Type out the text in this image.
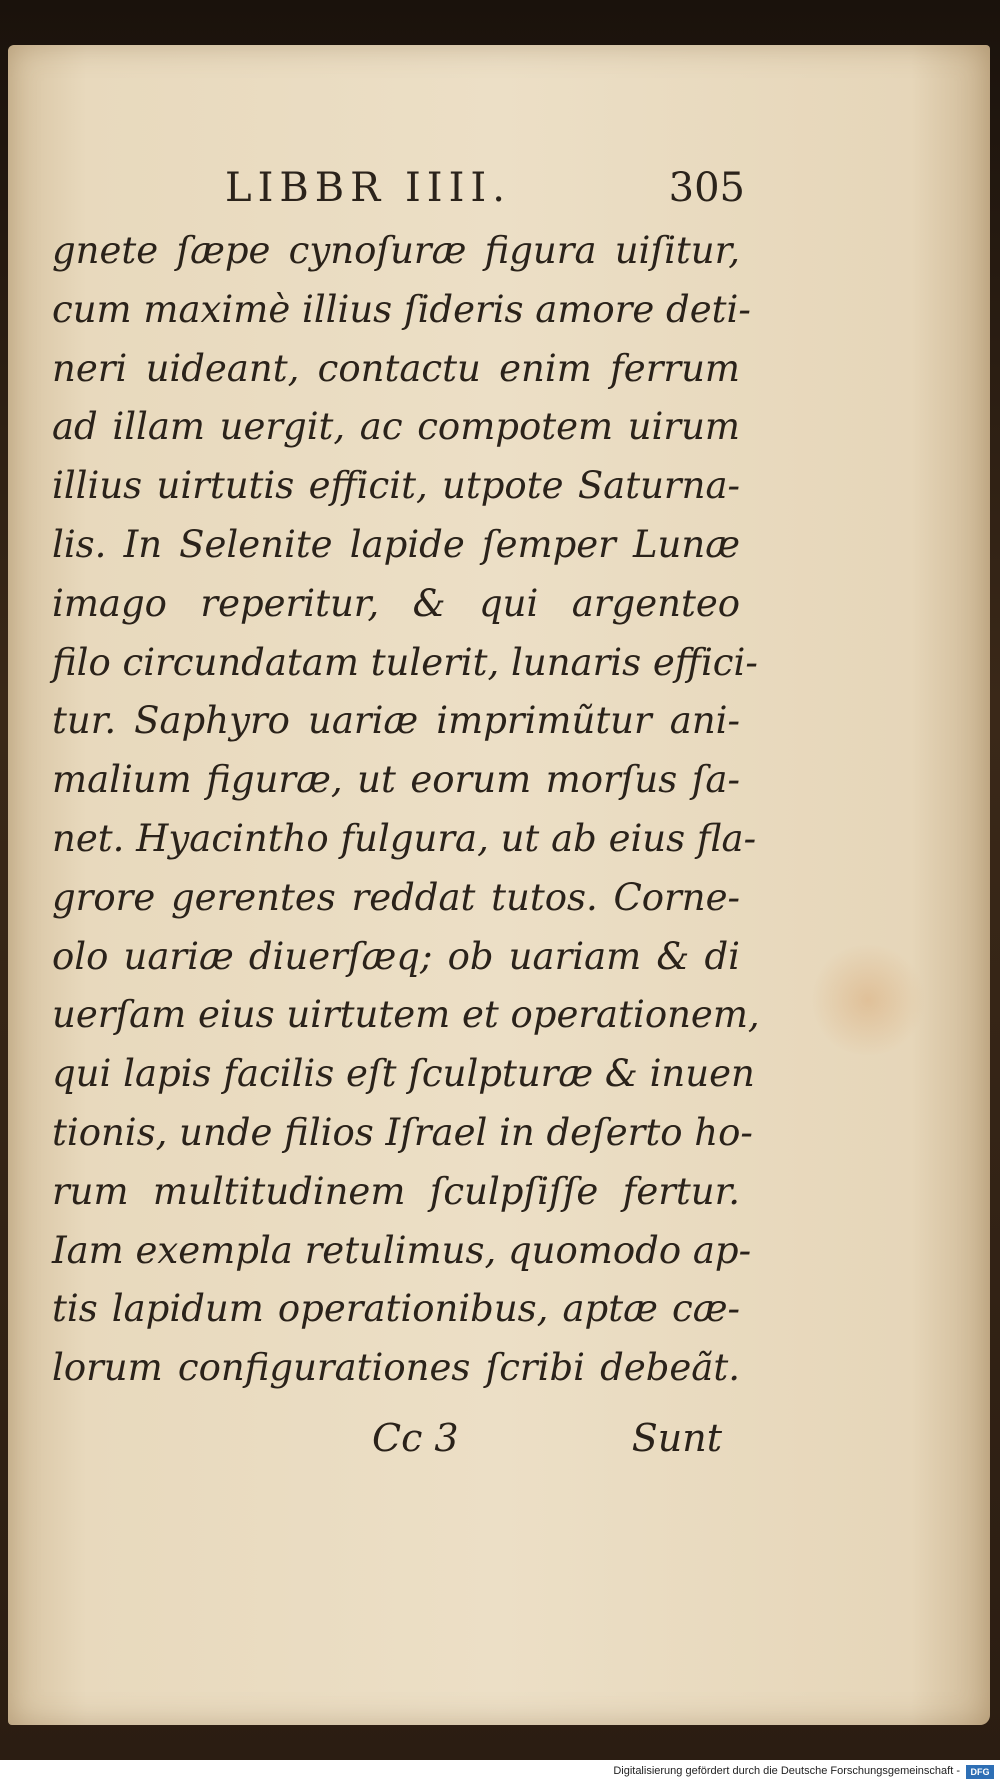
LIBBR IIII.	305
gnete ſæpe cynoſuræ figura uiſitur,
cum maximè illius ſideris amore deti-
neri uideant, contactu enim ferrum
ad illam uergit, ac compotem uirum
illius uirtutis efficit, utpote Saturna-
lis. In Selenite lapide ſemper Lunæ
imago reperitur, & qui argenteo
filo circundatam tulerit, lunaris effici-
tur. Saphyro uariæ imprimũtur ani-
malium figuræ, ut eorum morſus ſa-
net. Hyacintho fulgura, ut ab eius fla-
grore gerentes reddat tutos. Corne-
olo uariæ diuerſæq; ob uariam & di
uerſam eius uirtutem et operationem,
qui lapis facilis eſt ſculpturæ & inuen
tionis, unde filios Iſrael in deſerto ho-
rum multitudinem ſculpſiſſe fertur.
Iam exempla retulimus, quomodo ap-
tis lapidum operationibus, aptæ cæ-
lorum configurationes ſcribi debeãt.
Cc 3	Sunt
Digitalisierung gefördert durch die Deutsche Forschungsgemeinschaft -	DFG
